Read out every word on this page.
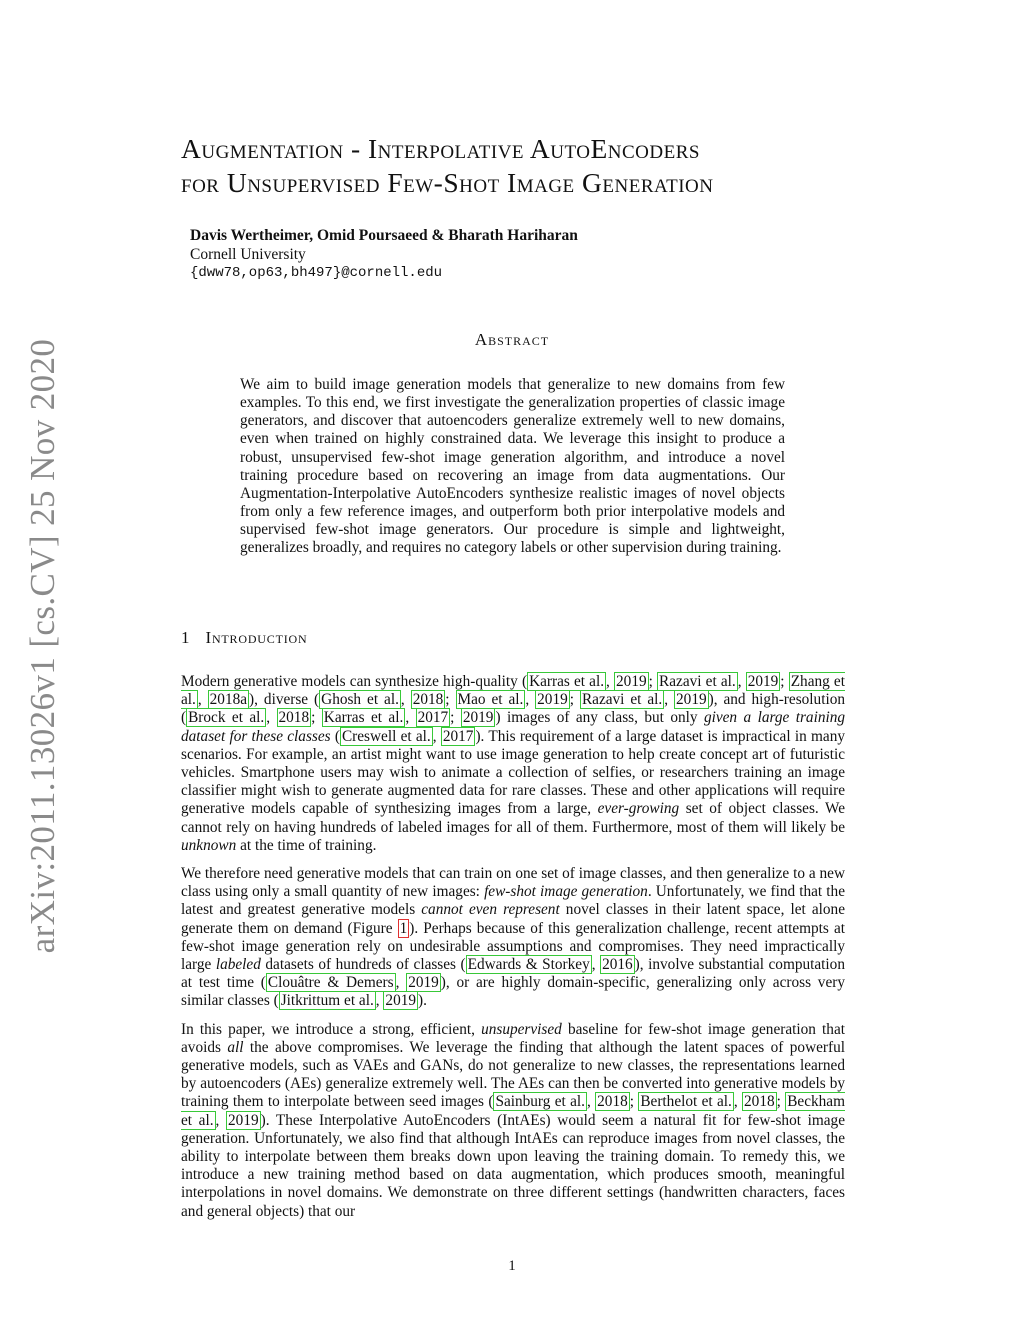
arXiv:2011.13026v1 [cs.CV] 25 Nov 2020
Augmentation - Interpolative AutoEncoders
for Unsupervised Few-Shot Image Generation
Davis Wertheimer, Omid Poursaeed & Bharath Hariharan
Cornell University
{dww78,op63,bh497}@cornell.edu
Abstract
We aim to build image generation models that generalize to new domains from few examples. To this end, we first investigate the generalization properties of classic image generators, and discover that autoencoders generalize extremely well to new domains, even when trained on highly constrained data. We leverage this insight to produce a robust, unsupervised few-shot image generation algorithm, and introduce a novel training procedure based on recovering an image from data augmentations. Our Augmentation-Interpolative AutoEncoders synthesize realistic images of novel objects from only a few reference images, and outperform both prior interpolative models and supervised few-shot image generators. Our procedure is simple and lightweight, generalizes broadly, and requires no category labels or other supervision during training.
1 Introduction

Modern generative models can synthesize high-quality ( Karras et al. , 2019 ; Razavi et al. , 2019 ; Zhang et al. , 2018a ), diverse ( Ghosh et al. , 2018 ; Mao et al. , 2019 ; Razavi et al. , 2019 ), and high-resolution ( Brock et al. , 2018 ; Karras et al. , 2017 ; 2019 ) images of any class, but only given a large training dataset for these classes ( Creswell et al. , 2017 ). This requirement of a large dataset is impractical in many scenarios. For example, an artist might want to use image generation to help create concept art of futuristic vehicles. Smartphone users may wish to animate a collection of selfies, or researchers training an image classifier might wish to generate augmented data for rare classes. These and other applications will require generative models capable of synthesizing images from a large, ever-growing set of object classes. We cannot rely on having hundreds of labeled images for all of them. Furthermore, most of them will likely be unknown at the time of training.

We therefore need generative models that can train on one set of image classes, and then generalize to a new class using only a small quantity of new images: few-shot image generation. Unfortunately, we find that the latest and greatest generative models cannot even represent novel classes in their latent space, let alone generate them on demand (Figure 1 ). Perhaps because of this generalization challenge, recent attempts at few-shot image generation rely on undesirable assumptions and compromises. They need impractically large labeled datasets of hundreds of classes ( Edwards & Storkey , 2016 ), involve substantial computation at test time ( Clouâtre & Demers , 2019 ), or are highly domain-specific, generalizing only across very similar classes ( Jitkrittum et al. , 2019 ).

In this paper, we introduce a strong, efficient, unsupervised baseline for few-shot image generation that avoids all the above compromises. We leverage the finding that although the latent spaces of powerful generative models, such as VAEs and GANs, do not generalize to new classes, the representations learned by autoencoders (AEs) generalize extremely well. The AEs can then be converted into generative models by training them to interpolate between seed images ( Sainburg et al. , 2018 ; Berthelot et al. , 2018 ; Beckham et al. , 2019 ). These Interpolative AutoEncoders (IntAEs) would seem a natural fit for few-shot image generation. Unfortunately, we also find that although IntAEs can reproduce images from novel classes, the ability to interpolate between them breaks down upon leaving the training domain. To remedy this, we introduce a new training method based on data augmentation, which produces smooth, meaningful interpolations in novel domains. We demonstrate on three different settings (handwritten characters, faces and general objects) that our

1
